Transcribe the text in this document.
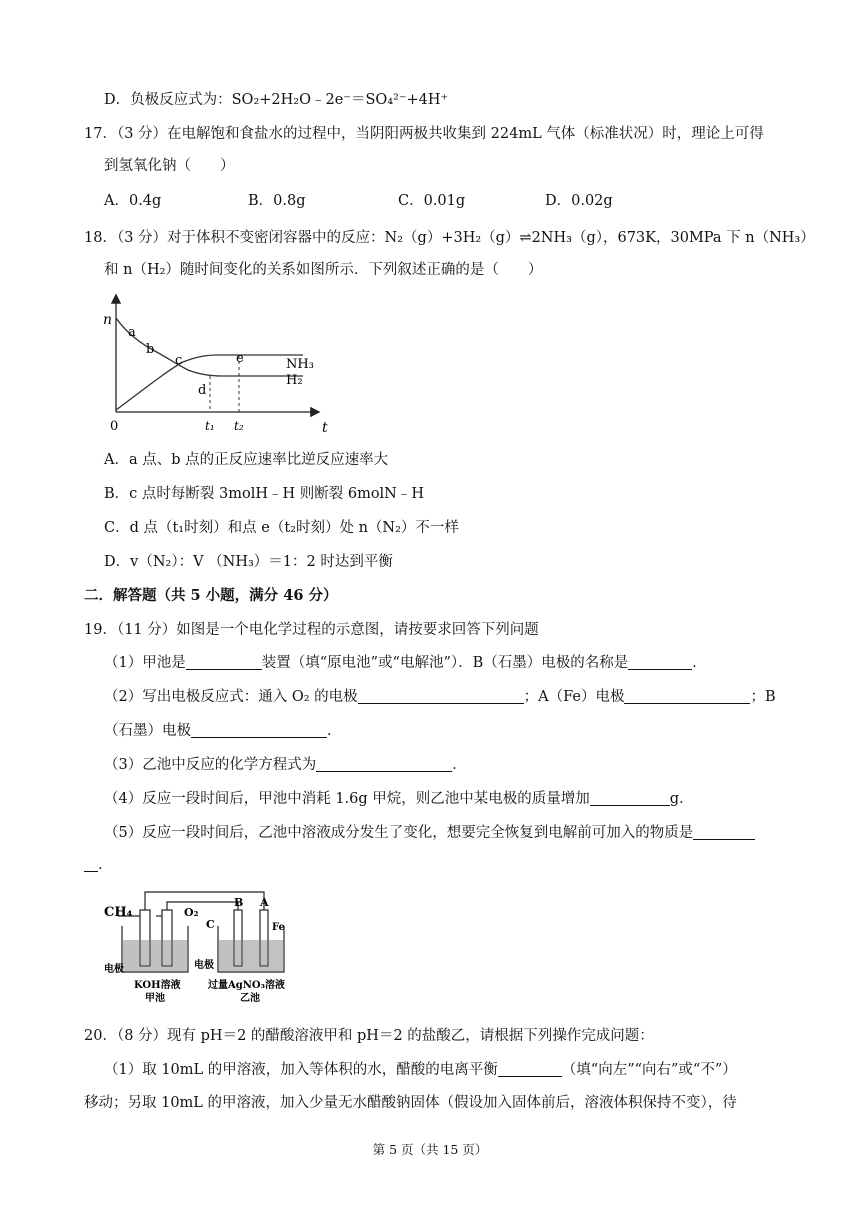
D．负极反应式为：SO₂+2H₂O﹣2e⁻＝SO₄²⁻+4H⁺
17．（3 分）在电解饱和食盐水的过程中，当阴阳两极共收集到 224mL 气体（标准状况）时，理论上可得
到氢氧化钠（　　）
A．0.4g	B．0.8g	C．0.01g	D．0.02g
18．（3 分）对于体积不变密闭容器中的反应：N₂（g）+3H₂（g）⇌2NH₃（g），673K，30MPa 下 n（NH₃）
和 n（H₂）随时间变化的关系如图所示．下列叙述正确的是（　　）
n
t
0
a
b
c
d
e
t₁ t₂
NH₃
H₂
A．a 点、b 点的正反应速率比逆反应速率大
B．c 点时每断裂 3molH﹣H 则断裂 6molN﹣H
C．d 点（t₁时刻）和点 e（t₂时刻）处 n（N₂）不一样
D．v（N₂）：V （NH₃）＝1：2 时达到平衡
二．解答题（共 5 小题，满分 46 分）
19．（11 分）如图是一个电化学过程的示意图，请按要求回答下列问题
（1）甲池是	装置（填“原电池”或“电解池”）．B（石墨）电极的名称是	．
（2）写出电极反应式：通入 O₂ 的电极	；A（Fe）电极	；B
（石墨）电极	．
（3）乙池中反应的化学方程式为	．
（4）反应一段时间后，甲池中消耗 1.6g 甲烷，则乙池中某电极的质量增加	g．
（5）反应一段时间后，乙池中溶液成分发生了变化，想要完全恢复到电解前可加入的物质是
．
CH₄	O₂
B A
C	Fe
电极	电极
KOH溶液
甲池
过量AgNO₃溶液
乙池
20．（8 分）现有 pH＝2 的醋酸溶液甲和 pH＝2 的盐酸乙，请根据下列操作完成问题：
（1）取 10mL 的甲溶液，加入等体积的水，醋酸的电离平衡	（填“向左”“向右”或“不”）
移动；另取 10mL 的甲溶液，加入少量无水醋酸钠固体（假设加入固体前后，溶液体积保持不变），待
第 5 页（共 15 页）
